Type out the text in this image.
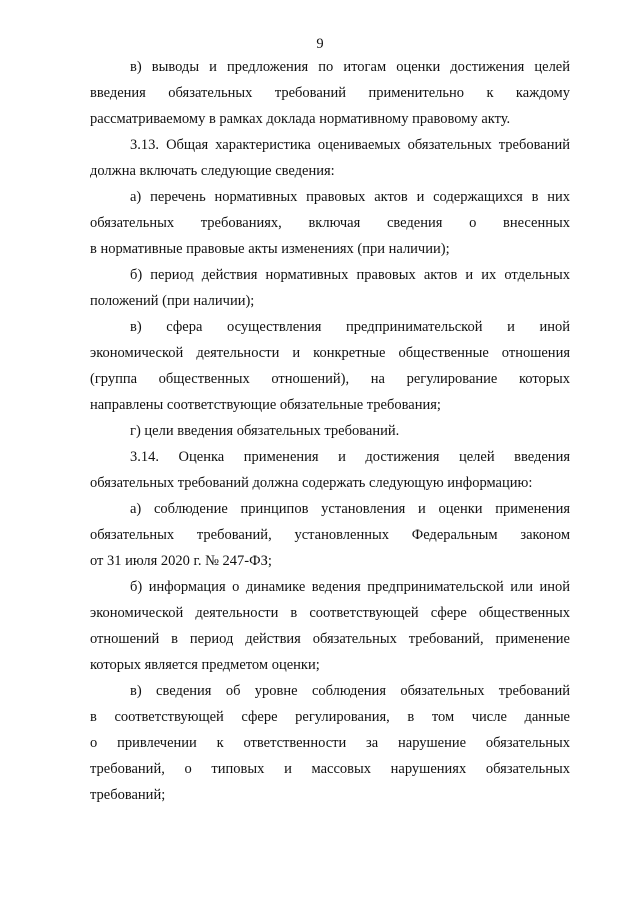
9
в) выводы и предложения по итогам оценки достижения целей
введения обязательных требований применительно к каждому
рассматриваемому в рамках доклада нормативному правовому акту.
3.13. Общая характеристика оцениваемых обязательных требований
должна включать следующие сведения:
а) перечень нормативных правовых актов и содержащихся в них
обязательных требованиях, включая сведения о внесенных
в нормативные правовые акты изменениях (при наличии);
б) период действия нормативных правовых актов и их отдельных
положений (при наличии);
в) сфера осуществления предпринимательской и иной
экономической деятельности и конкретные общественные отношения
(группа общественных отношений), на регулирование которых
направлены соответствующие обязательные требования;
г) цели введения обязательных требований.
3.14. Оценка применения и достижения целей введения
обязательных требований должна содержать следующую информацию:
а) соблюдение принципов установления и оценки применения
обязательных требований, установленных Федеральным законом
от 31 июля 2020 г. № 247-ФЗ;
б) информация о динамике ведения предпринимательской или иной
экономической деятельности в соответствующей сфере общественных
отношений в период действия обязательных требований, применение
которых является предметом оценки;
в) сведения об уровне соблюдения обязательных требований
в соответствующей сфере регулирования, в том числе данные
о привлечении к ответственности за нарушение обязательных
требований, о типовых и массовых нарушениях обязательных
требований;
